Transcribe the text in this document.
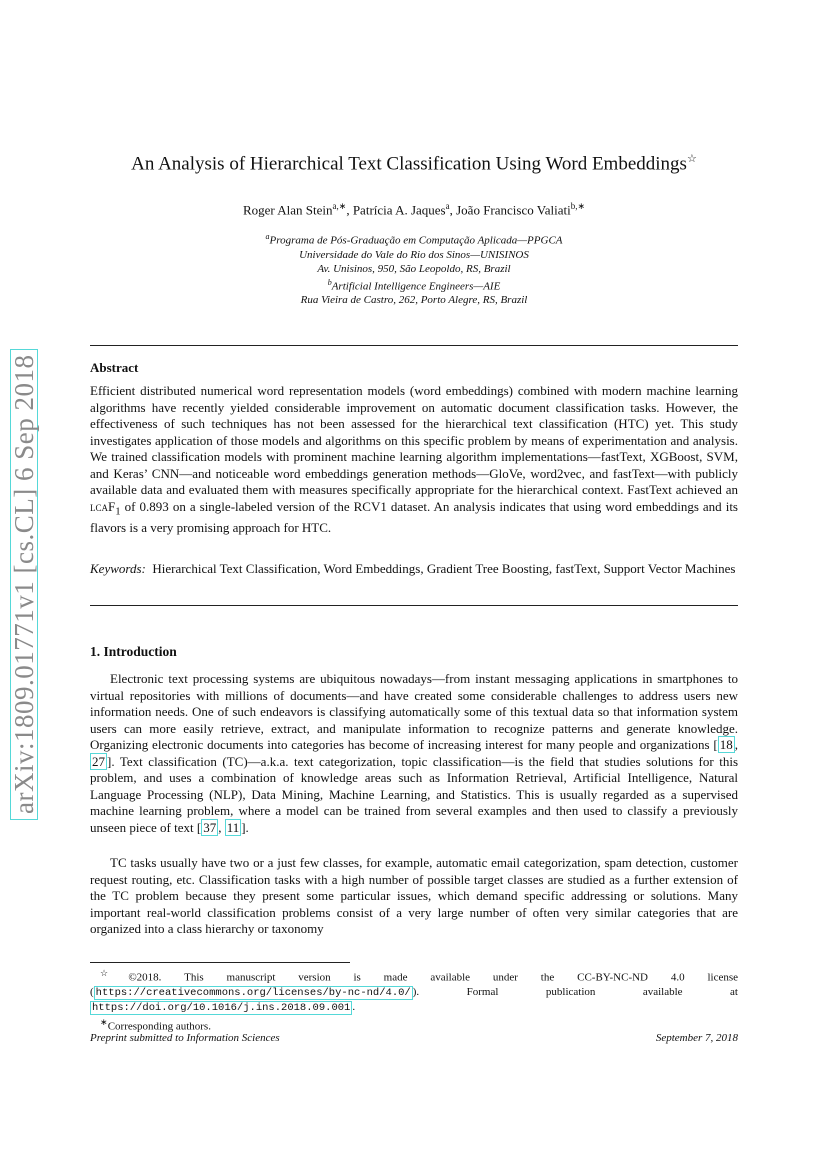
arXiv:1809.01771v1 [cs.CL] 6 Sep 2018
An Analysis of Hierarchical Text Classification Using Word Embeddings☆
Roger Alan Stein$^{a,∗}$, Patrícia A. Jaques$^a$, João Francisco Valiati$^{b,∗}$
$^a$Programa de Pós-Graduação em Computação Aplicada—PPGCA
Universidade do Vale do Rio dos Sinos—UNISINOS
Av. Unisinos, 950, São Leopoldo, RS, Brazil
$^b$Artificial Intelligence Engineers—AIE
Rua Vieira de Castro, 262, Porto Alegre, RS, Brazil
Abstract
Efficient distributed numerical word representation models (word embeddings) combined with modern machine learning algorithms have recently yielded considerable improvement on automatic document classification tasks. However, the effectiveness of such techniques has not been assessed for the hierarchical text classification (HTC) yet. This study investigates application of those models and algorithms on this specific problem by means of experimentation and analysis. We trained classification models with prominent machine learning algorithm implementations—fastText, XGBoost, SVM, and Keras’ CNN—and noticeable word embeddings generation methods—GloVe, word2vec, and fastText—with publicly available data and evaluated them with measures specifically appropriate for the hierarchical context. FastText achieved an lcaF$_1$ of 0.893 on a single-labeled version of the RCV1 dataset. An analysis indicates that using word embeddings and its flavors is a very promising approach for HTC.
Keywords: Hierarchical Text Classification, Word Embeddings, Gradient Tree Boosting, fastText, Support Vector Machines
1. Introduction
Electronic text processing systems are ubiquitous nowadays—from instant messaging applications in smartphones to virtual repositories with millions of documents—and have created some considerable challenges to address users new information needs. One of such endeavors is classifying automatically some of this textual data so that information system users can more easily retrieve, extract, and manipulate information to recognize patterns and generate knowledge. Organizing electronic documents into categories has become of increasing interest for many people and organizations [ 18 , 27 ]. Text classification (TC)—a.k.a. text categorization, topic classification—is the field that studies solutions for this problem, and uses a combination of knowledge areas such as Information Retrieval, Artificial Intelligence, Natural Language Processing (NLP), Data Mining, Machine Learning, and Statistics. This is usually regarded as a supervised machine learning problem, where a model can be trained from several examples and then used to classify a previously unseen piece of text [ 37 , 11 ].
TC tasks usually have two or a just few classes, for example, automatic email categorization, spam detection, customer request routing, etc. Classification tasks with a high number of possible target classes are studied as a further extension of the TC problem because they present some particular issues, which demand specific addressing or solutions. Many important real-world classification problems consist of a very large number of often very similar categories that are organized into a class hierarchy or taxonomy
☆©2018. This manuscript version is made available under the CC-BY-NC-ND 4.0 license ( https://creativecommons.org/licenses/by-nc-nd/4.0/ ). Formal publication available at https://doi.org/10.1016/j.ins.2018.09.001 .
∗Corresponding authors.
Preprint submitted to Information Sciences	September 7, 2018
